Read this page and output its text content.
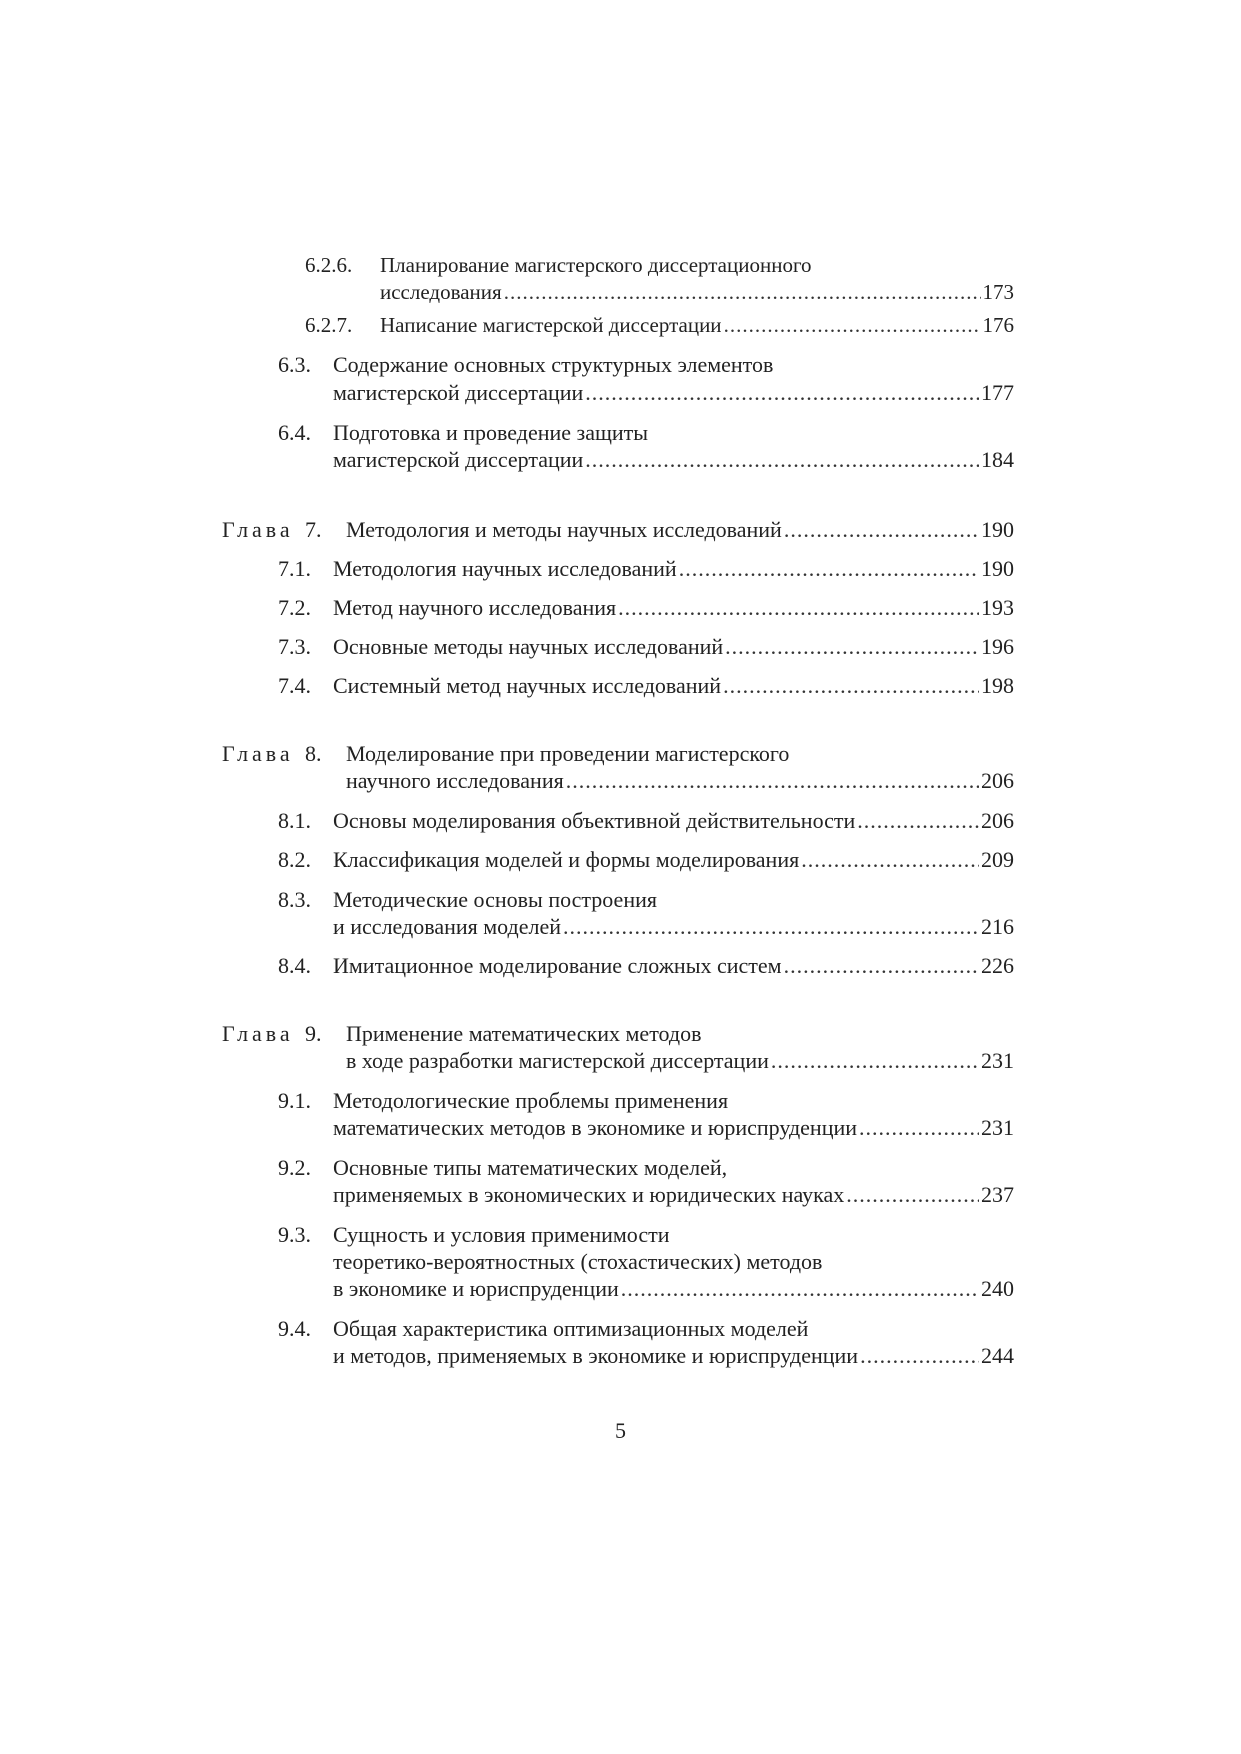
6.2.6. Планирование магистерского диссертационного
исследования .....	173
6.2.7. Написание магистерской диссертации .....	176
6.3. Содержание основных структурных элементов
магистерской диссертации .....	177
6.4. Подготовка и проведение защиты
магистерской диссертации .....	184
Глава 7. Методология и методы научных исследований .....	190
7.1. Методология научных исследований .....	190
7.2. Метод научного исследования .....	193
7.3. Основные методы научных исследований .....	196
7.4. Системный метод научных исследований .....	198
Глава 8. Моделирование при проведении магистерского
научного исследования .....	206
8.1. Основы моделирования объективной действительности .....	206
8.2. Классификация моделей и формы моделирования .....	209
8.3. Методические основы построения
и исследования моделей .....	216
8.4. Имитационное моделирование сложных систем .....	226
Глава 9. Применение математических методов
в ходе разработки магистерской диссертации .....	231
9.1. Методологические проблемы применения
математических методов в экономике и юриспруденции .....	231
9.2. Основные типы математических моделей,
применяемых в экономических и юридических науках .....	237
9.3. Сущность и условия применимости
теоретико-вероятностных (стохастических) методов
в экономике и юриспруденции .....	240
9.4. Общая характеристика оптимизационных моделей
и методов, применяемых в экономике и юриспруденции .....	244
5
